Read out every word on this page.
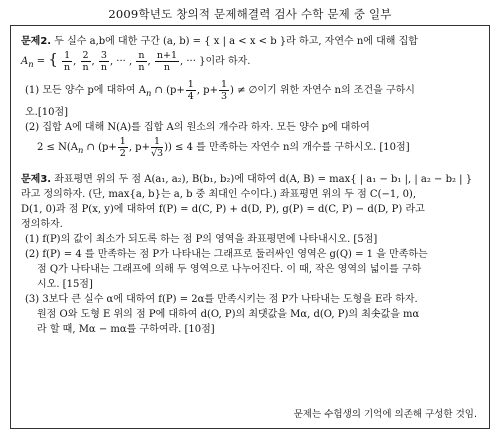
2009학년도 창의적 문제해결력 검사 수학 문제 중 일부

문제2. 두 실수 a,b에 대한 구간 (a, b) = { x | a < x < b }라 하고, 자연수 n에 대해 집합

$A_n$ = { $\frac{1}{n}$ , $\frac{2}{n}$ , $\frac{3}{n}$ , ··· , $\frac{n}{n}$ , $\frac{n+1}{n}$ , ··· }이라 하자.

(1) 모든 양수 p에 대하여 $A_n$ ∩ ($p+ \frac{1}{4}$ , $p+ \frac{1}{3}$ ) ≠ ∅이기 위한 자연수 n의 조건을 구하시

오.[10점]

(2) 집합 A에 대해 N(A)를 집합 A의 원소의 개수라 하자. 모든 양수 p에 대하여

$2 \le N(A_n$ ∩ ($p+ \frac{1}{2}$ , $p+ \frac{1}{√3}$ )) ≤ 4 를 만족하는 자연수 n의 개수를 구하시오. [10점]

문제3. 좌표평면 위의 두 점 A(a₁, a₂), B(b₁, b₂)에 대하여 d(A, B) = max{ | a₁ − b₁ |, | a₂ − b₂ | }

라고 정의하자. (단, max{a, b}는 a, b 중 최대인 수이다.) 좌표평면 위의 두 점 C(−1, 0),

D(1, 0)과 점 P(x, y)에 대하여 f(P) = d(C, P) + d(D, P), g(P) = d(C, P) − d(D, P) 라고

정의하자.

(1) f(P)의 값이 최소가 되도록 하는 점 P의 영역을 좌표평면에 나타내시오. [5점]

(2) f(P) = 4 를 만족하는 점 P가 나타내는 그래프로 둘러싸인 영역은 g(Q) = 1 을 만족하는

점 Q가 나타내는 그래프에 의해 두 영역으로 나누어진다. 이 때, 작은 영역의 넓이를 구하

시오. [15점]

(3) 3보다 큰 실수 α에 대하여 f(P) = 2α를 만족시키는 점 P가 나타내는 도형을 E라 하자.

원점 O와 도형 E 위의 점 P에 대하여 d(O, P)의 최댓값을 Mα, d(O, P)의 최솟값을 mα

라 할 때, Mα − mα를 구하여라. [10점]

문제는 수험생의 기억에 의존해 구성한 것임.
